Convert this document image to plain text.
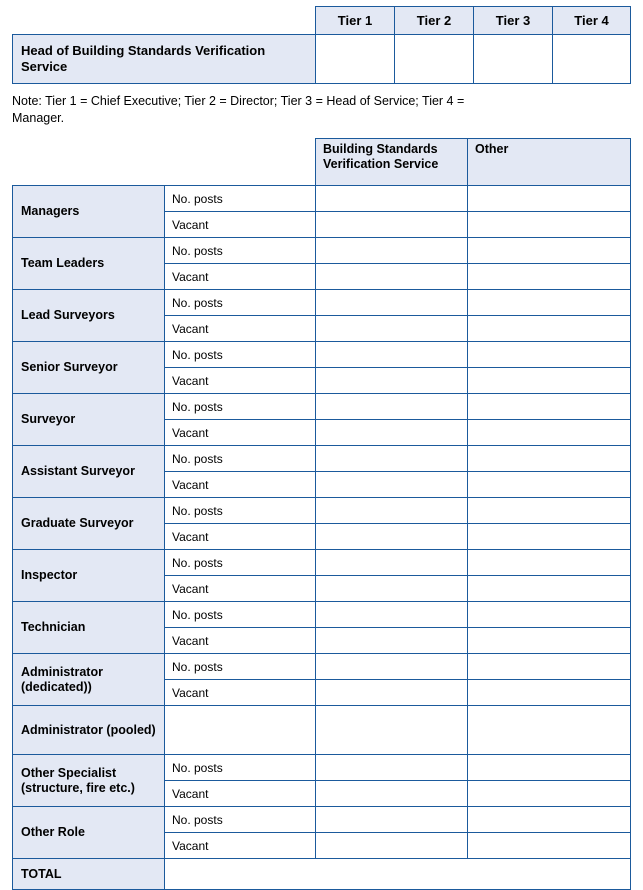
	Tier 1	Tier 2	Tier 3	Tier 4
Head of Building Standards Verification Service				
Note: Tier 1 = Chief Executive; Tier 2 = Director; Tier 3 = Head of Service; Tier 4 = Manager.
		Building Standards Verification Service	Other
Managers	No. posts		
	Vacant		
Team Leaders	No. posts		
	Vacant		
Lead Surveyors	No. posts		
	Vacant		
Senior Surveyor	No. posts		
	Vacant		
Surveyor	No. posts		
	Vacant		
Assistant Surveyor	No. posts		
	Vacant		
Graduate Surveyor	No. posts		
	Vacant		
Inspector	No. posts		
	Vacant		
Technician	No. posts		
	Vacant		
Administrator (dedicated))	No. posts		
	Vacant		
Administrator (pooled)			
Other Specialist (structure, fire etc.)	No. posts		
	Vacant		
Other Role	No. posts		
	Vacant		
TOTAL			
